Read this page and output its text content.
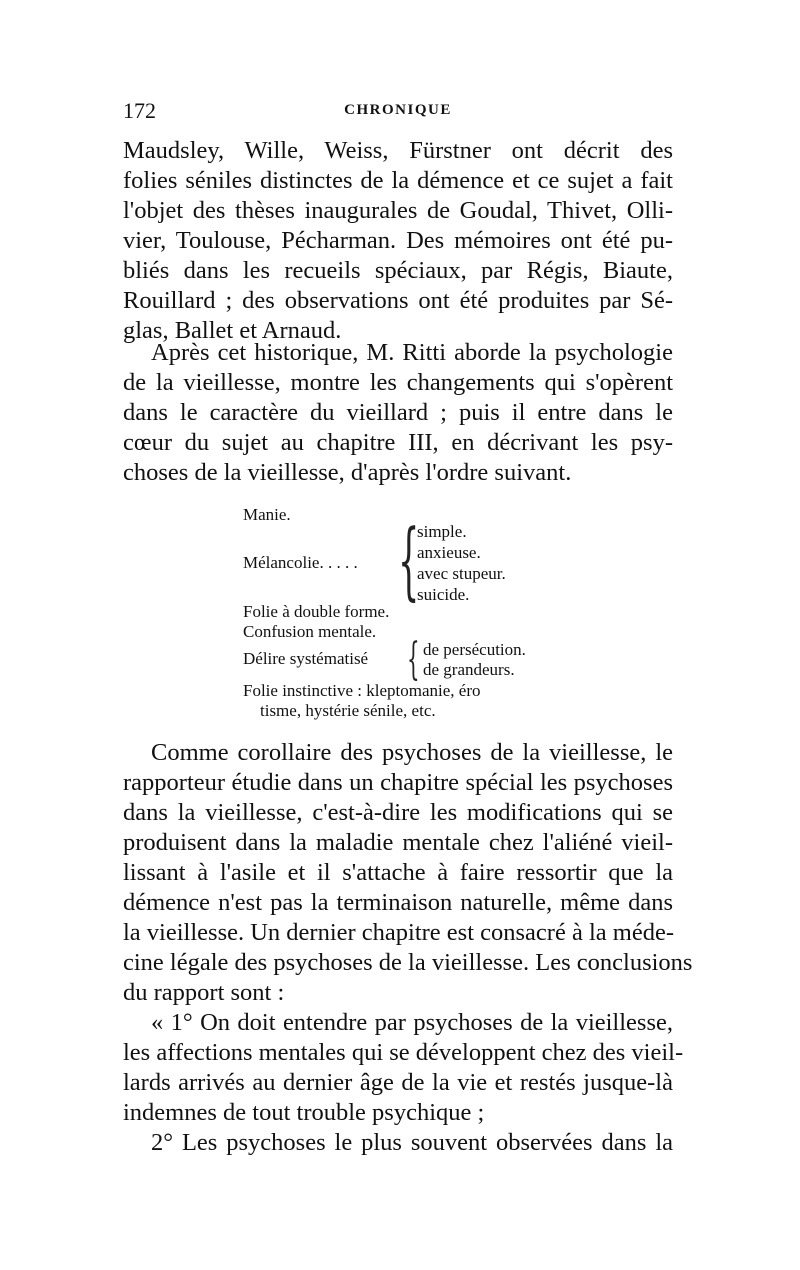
172	CHRONIQUE
Maudsley, Wille, Weiss, Fürstner ont décrit des
folies séniles distinctes de la démence et ce sujet a fait
l'objet des thèses inaugurales de Goudal, Thivet, Olli-
vier, Toulouse, Pécharman. Des mémoires ont été pu-
bliés dans les recueils spéciaux, par Régis, Biaute,
Rouillard ; des observations ont été produites par Sé-
glas, Ballet et Arnaud.
Après cet historique, M. Ritti aborde la psychologie
de la vieillesse, montre les changements qui s'opèrent
dans le caractère du vieillard ; puis il entre dans le
cœur du sujet au chapitre III, en décrivant les psy-
choses de la vieillesse, d'après l'ordre suivant.
Manie.
Mélancolie. . . . . {
simple.
anxieuse.
avec stupeur.
suicide.
Folie à double forme.
Confusion mentale.
Délire systématisé { de persécution.
de grandeurs.
Folie instinctive : kleptomanie, éro
tisme, hystérie sénile, etc.
Comme corollaire des psychoses de la vieillesse, le
rapporteur étudie dans un chapitre spécial les psychoses
dans la vieillesse, c'est-à-dire les modifications qui se
produisent dans la maladie mentale chez l'aliéné vieil-
lissant à l'asile et il s'attache à faire ressortir que la
démence n'est pas la terminaison naturelle, même dans
la vieillesse. Un dernier chapitre est consacré à la méde-
cine légale des psychoses de la vieillesse. Les conclusions
du rapport sont :
« 1° On doit entendre par psychoses de la vieillesse,
les affections mentales qui se développent chez des vieil-
lards arrivés au dernier âge de la vie et restés jusque-là
indemnes de tout trouble psychique ;
2° Les psychoses le plus souvent observées dans la
